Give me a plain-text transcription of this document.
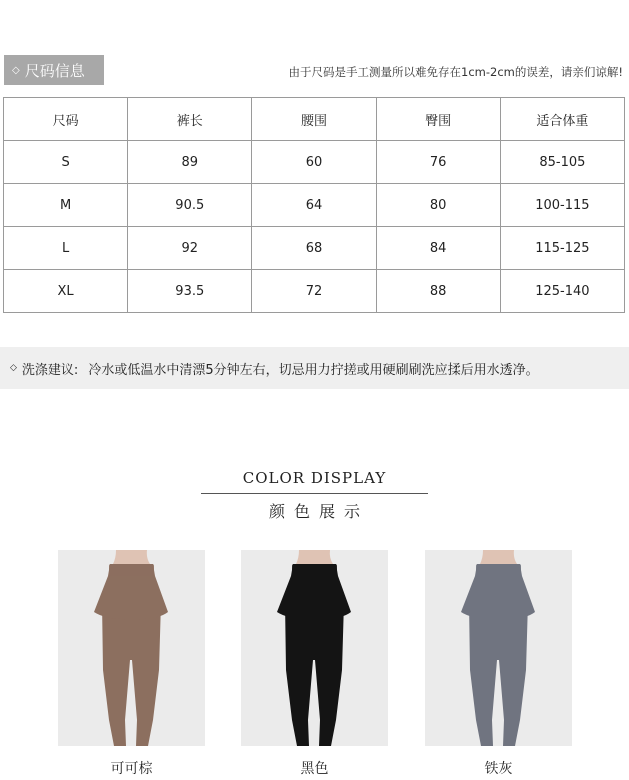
◇ 尺码信息	由于尺码是手工测量所以难免存在1cm-2cm的误差，请亲们谅解!
尺码	裤长	腰围	臀围	适合体重
S	89	60	76	85-105
M	90.5	64	80	100-115
L	92	68	84	115-125
XL	93.5	72	88	125-140
◇ 洗涤建议: 冷水或低温水中清漂5分钟左右，切忌用力拧搓或用硬刷刷洗应揉后用水透净。
COLOR DISPLAY
颜色展示
可可棕	黑色	铁灰
